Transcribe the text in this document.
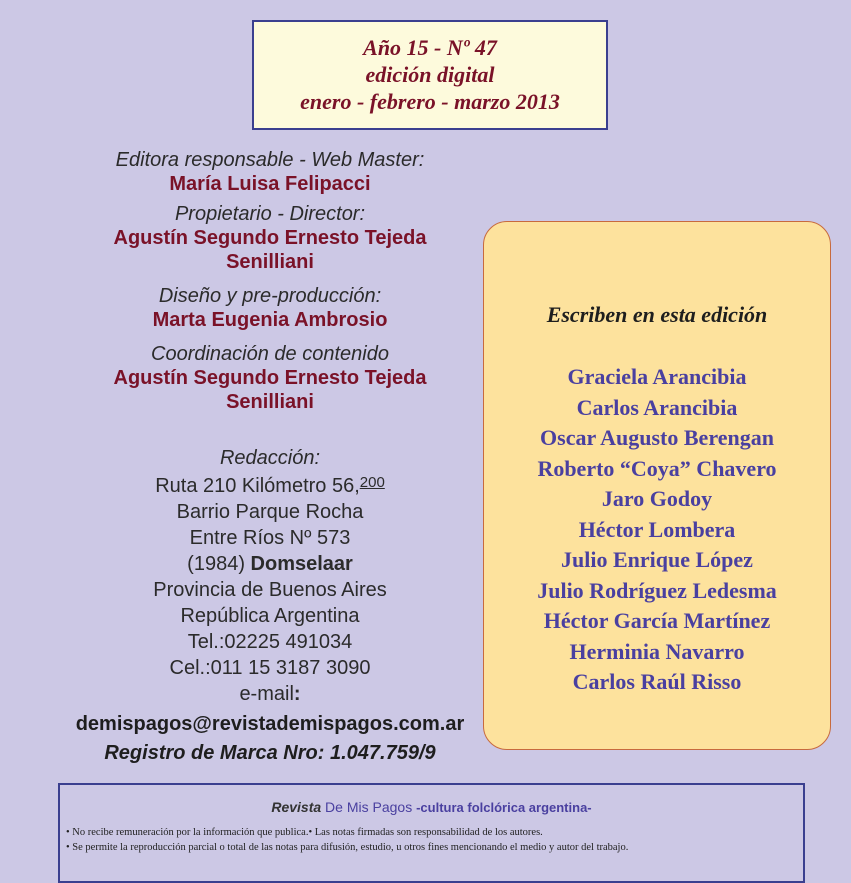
Año 15 - Nº 47
edición digital
enero - febrero - marzo 2013

Editora responsable - Web Master:

María Luisa Felipacci

Propietario - Director:

Agustín Segundo Ernesto Tejeda

Senilliani

Diseño y pre-producción:

Marta Eugenia Ambrosio

Coordinación de contenido

Agustín Segundo Ernesto Tejeda

Senilliani

Redacción:

Ruta 210 Kilómetro 56,$^{200}$
Barrio Parque Rocha
Entre Ríos Nº 573
(1984) Domselaar
Provincia de Buenos Aires
República Argentina
Tel.:02225 491034
Cel.:011 15 3187 3090
e-mail:
demispagos@revistademispagos.com.ar
Registro de Marca Nro: 1.047.759/9
Escriben en esta edición
Graciela Arancibia
Carlos Arancibia
Oscar Augusto Berengan
Roberto “Coya” Chavero
Jaro Godoy
Héctor Lombera
Julio Enrique López
Julio Rodríguez Ledesma
Héctor García Martínez
Herminia Navarro
Carlos Raúl Risso
Revista De Mis Pagos -cultura folclórica argentina-
• No recibe remuneración por la información que publica.• Las notas firmadas son responsabilidad de los autores.
• Se permite la reproducción parcial o total de las notas para difusión, estudio, u otros fines mencionando el medio y autor del trabajo.
